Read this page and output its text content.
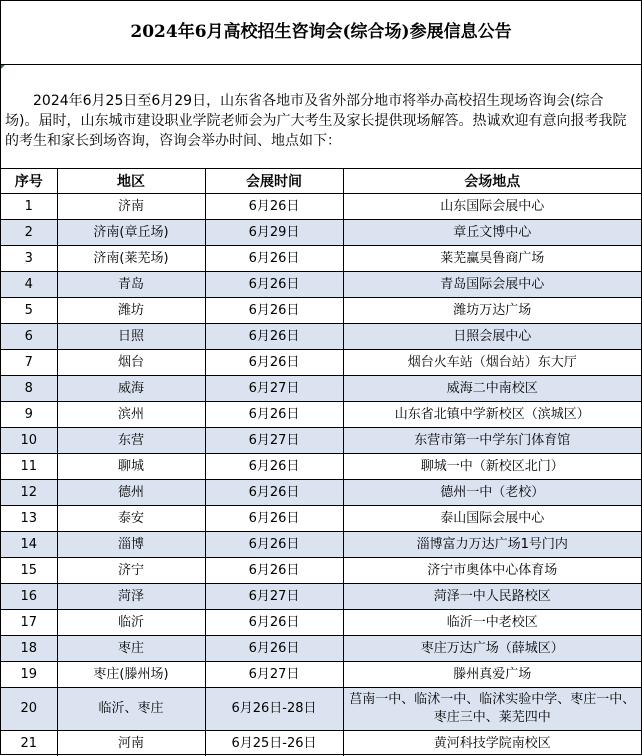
2024年6月高校招生咨询会(综合场)参展信息公告
2024年6月25日至6月29日，山东省各地市及省外部分地市将举办高校招生现场咨询会(综合场)。届时，山东城市建设职业学院老师会为广大考生及家长提供现场解答。热诚欢迎有意向报考我院的考生和家长到场咨询，咨询会举办时间、地点如下：
序号	地区	会展时间	会场地点
1	济南	6月26日	山东国际会展中心
2	济南(章丘场)	6月29日	章丘文博中心
3	济南(莱芜场)	6月26日	莱芜赢昊鲁商广场
4	青岛	6月26日	青岛国际会展中心
5	潍坊	6月26日	潍坊万达广场
6	日照	6月26日	日照会展中心
7	烟台	6月26日	烟台火车站（烟台站）东大厅
8	威海	6月27日	威海二中南校区
9	滨州	6月26日	山东省北镇中学新校区（滨城区）
10	东营	6月27日	东营市第一中学东门体育馆
11	聊城	6月26日	聊城一中（新校区北门）
12	德州	6月26日	德州一中（老校）
13	泰安	6月26日	泰山国际会展中心
14	淄博	6月26日	淄博富力万达广场1号门内
15	济宁	6月26日	济宁市奥体中心体育场
16	菏泽	6月27日	菏泽一中人民路校区
17	临沂	6月26日	临沂一中老校区
18	枣庄	6月26日	枣庄万达广场（薛城区）
19	枣庄(滕州场)	6月27日	滕州真爱广场
20	临沂、枣庄	6月26日-28日	莒南一中、临沭一中、临沭实验中学、枣庄一中、枣庄三中、莱芜四中
21	河南	6月25日-26日	黄河科技学院南校区
